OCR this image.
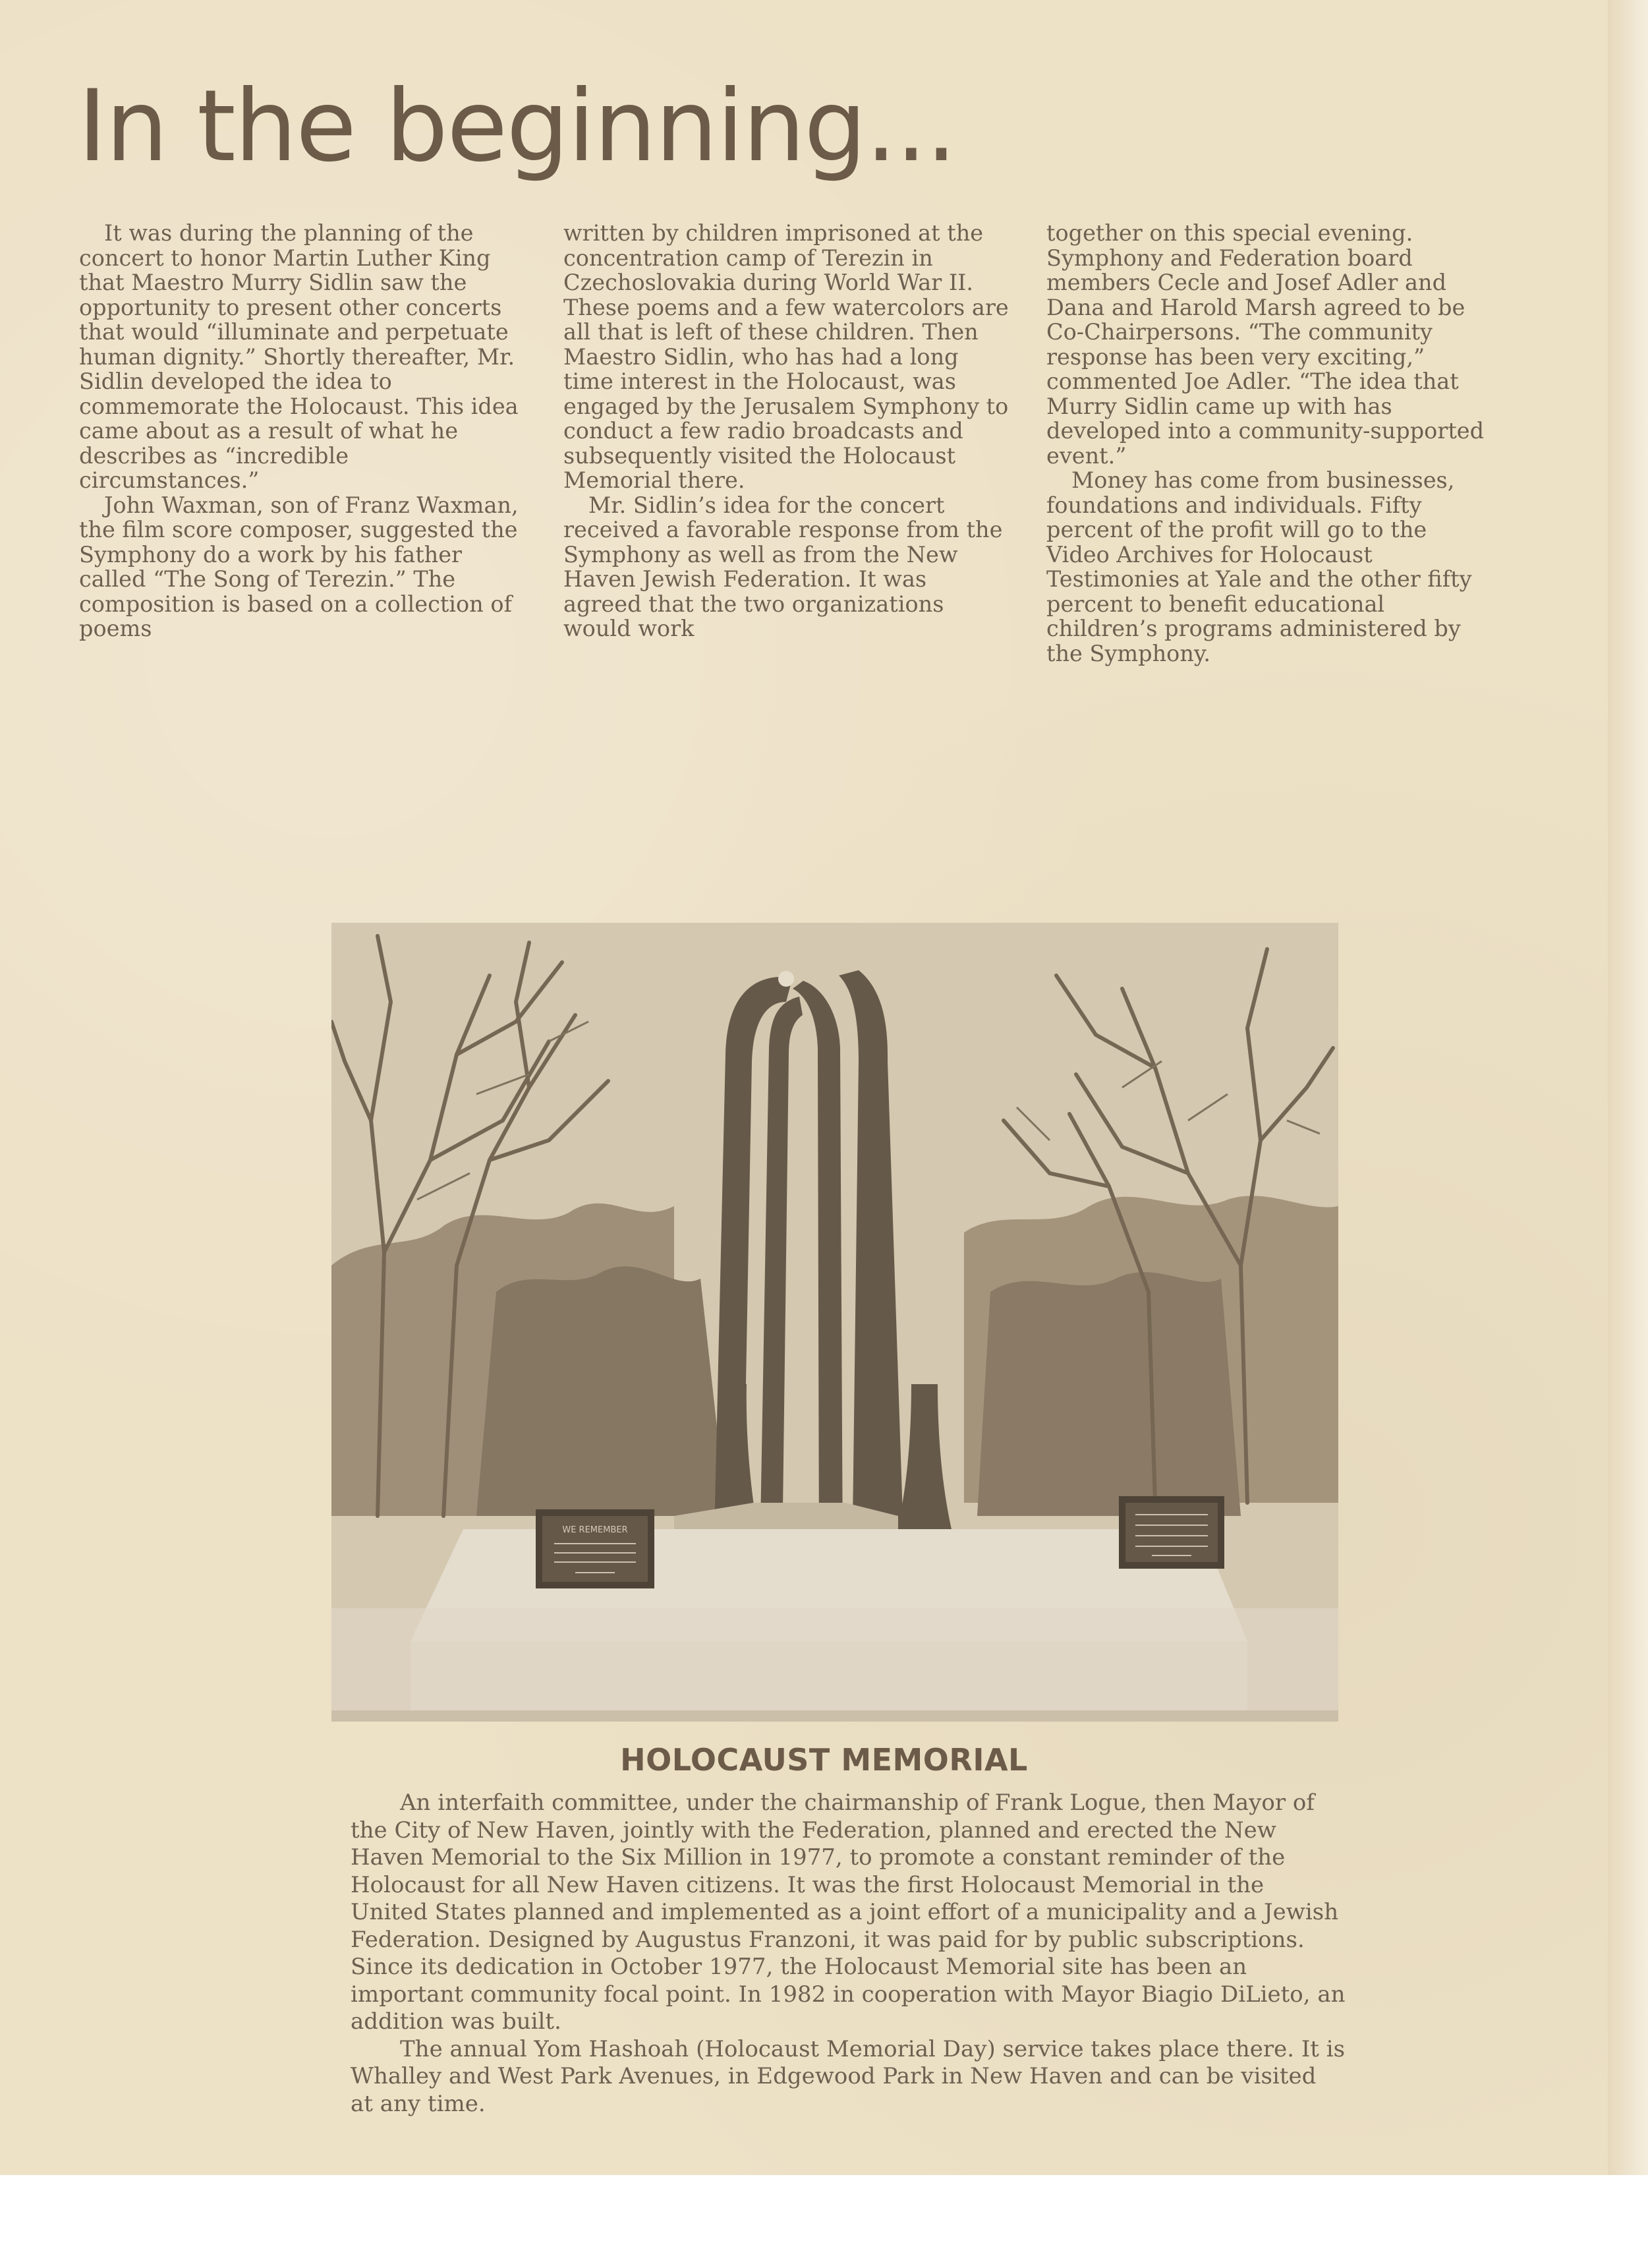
In the beginning...

It was during the planning of the concert to honor Martin Luther King that Maestro Murry Sidlin saw the opportunity to present other concerts that would “illuminate and perpetuate human dignity.” Shortly thereafter, Mr. Sidlin developed the idea to commemorate the Holocaust. This idea came about as a result of what he describes as “incredible circumstances.”

John Waxman, son of Franz Waxman, the film score composer, suggested the Symphony do a work by his father called “The Song of Terezin.” The composition is based on a collection of poems

written by children imprisoned at the concentration camp of Terezin in Czechoslovakia during World War II. These poems and a few watercolors are all that is left of these children. Then Maestro Sidlin, who has had a long time interest in the Holocaust, was engaged by the Jerusalem Symphony to conduct a few radio broadcasts and subsequently visited the Holocaust Memorial there.

Mr. Sidlin’s idea for the concert received a favorable response from the Symphony as well as from the New Haven Jewish Federation. It was agreed that the two organizations would work

together on this special evening. Symphony and Federation board members Cecle and Josef Adler and Dana and Harold Marsh agreed to be Co-Chairpersons. “The community response has been very exciting,” commented Joe Adler. “The idea that Murry Sidlin came up with has developed into a community-supported event.”

Money has come from businesses, foundations and individuals. Fifty percent of the profit will go to the Video Archives for Holocaust Testimonies at Yale and the other fifty percent to benefit educational children’s programs administered by the Symphony.

WE REMEMBER
HOLOCAUST MEMORIAL

An interfaith committee, under the chairmanship of Frank Logue, then Mayor of the City of New Haven, jointly with the Federation, planned and erected the New Haven Memorial to the Six Million in 1977, to promote a constant reminder of the Holocaust for all New Haven citizens. It was the first Holocaust Memorial in the United States planned and implemented as a joint effort of a municipality and a Jewish Federation. Designed by Augustus Franzoni, it was paid for by public subscriptions. Since its dedication in October 1977, the Holocaust Memorial site has been an important community focal point. In 1982 in cooperation with Mayor Biagio DiLieto, an addition was built.

The annual Yom Hashoah (Holocaust Memorial Day) service takes place there. It is Whalley and West Park Avenues, in Edgewood Park in New Haven and can be visited at any time.
